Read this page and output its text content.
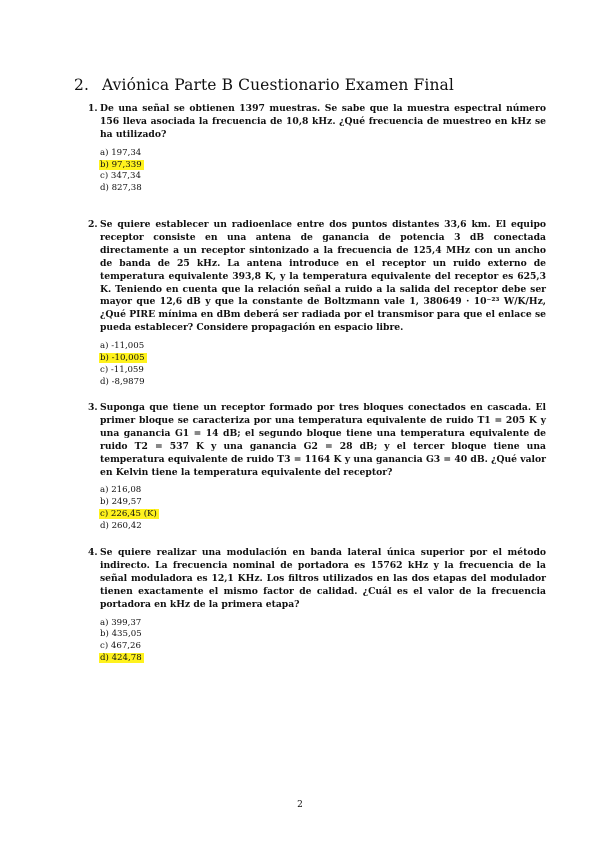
2. Aviónica Parte B Cuestionario Examen Final

1. De una señal se obtienen 1397 muestras. Se sabe que la muestra espectral número 156 lleva asociada la frecuencia de 10,8 kHz. ¿Qué frecuencia de muestreo en kHz se ha utilizado?

a) 197,34
b) 97,339
c) 347,34
d) 827,38

2. Se quiere establecer un radioenlace entre dos puntos distantes 33,6 km. El equipo receptor consiste en una antena de ganancia de potencia 3 dB conectada directamente a un receptor sintonizado a la frecuencia de 125,4 MHz con un ancho de banda de 25 kHz. La antena introduce en el receptor un ruido externo de temperatura equivalente 393,8 K, y la temperatura equivalente del receptor es 625,3 K. Teniendo en cuenta que la relación señal a ruido a la salida del receptor debe ser mayor que 12,6 dB y que la constante de Boltzmann vale 1, 380649 · 10⁻²³ W/K/Hz, ¿Qué PIRE mínima en dBm deberá ser radiada por el transmisor para que el enlace se pueda establecer? Considere propagación en espacio libre.

a) -11,005
b) -10,005
c) -11,059
d) -8,9879

3. Suponga que tiene un receptor formado por tres bloques conectados en cascada. El primer bloque se caracteriza por una temperatura equivalente de ruido T1 = 205 K y una ganancia G1 = 14 dB; el segundo bloque tiene una temperatura equivalente de ruido T2 = 537 K y una ganancia G2 = 28 dB; y el tercer bloque tiene una temperatura equivalente de ruido T3 = 1164 K y una ganancia G3 = 40 dB. ¿Qué valor en Kelvin tiene la temperatura equivalente del receptor?

a) 216,08
b) 249,57
c) 226,45 (K)
d) 260,42

4. Se quiere realizar una modulación en banda lateral única superior por el método indirecto. La frecuencia nominal de portadora es 15762 kHz y la frecuencia de la señal moduladora es 12,1 KHz. Los filtros utilizados en las dos etapas del modulador tienen exactamente el mismo factor de calidad. ¿Cuál es el valor de la frecuencia portadora en kHz de la primera etapa?

a) 399,37
b) 435,05
c) 467,26
d) 424,78
2
